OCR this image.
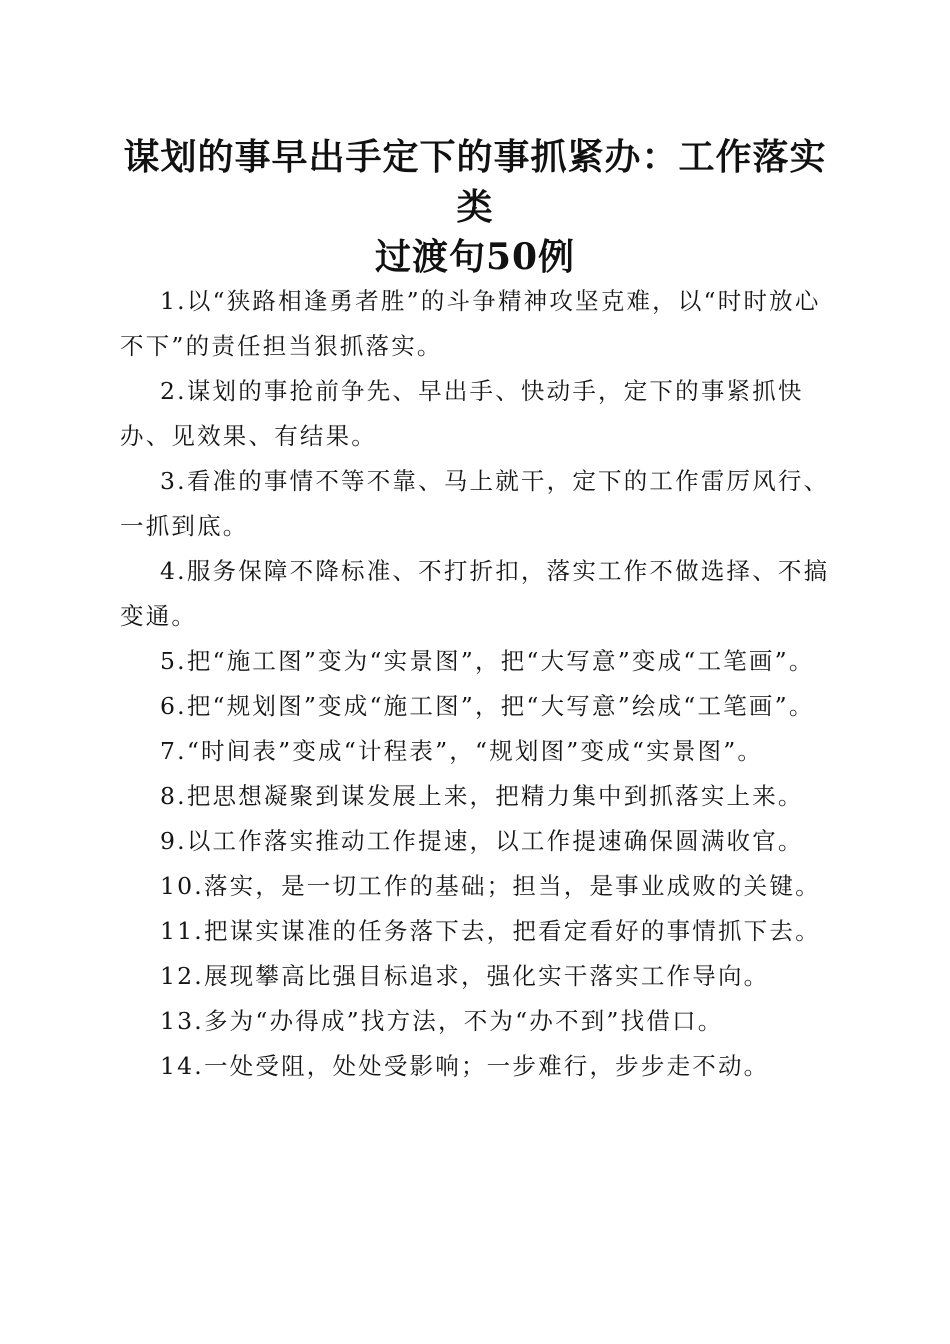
谋划的事早出手定下的事抓紧办：工作落实类
过渡句50例

1.以“狭路相逢勇者胜”的斗争精神攻坚克难，以“时时放心不下”的责任担当狠抓落实。

2.谋划的事抢前争先、早出手、快动手，定下的事紧抓快办、见效果、有结果。

3.看准的事情不等不靠、马上就干，定下的工作雷厉风行、一抓到底。

4.服务保障不降标准、不打折扣，落实工作不做选择、不搞变通。

5.把“施工图”变为“实景图”，把“大写意”变成“工笔画”。

6.把“规划图”变成“施工图”，把“大写意”绘成“工笔画”。

7.“时间表”变成“计程表”，“规划图”变成“实景图”。

8.把思想凝聚到谋发展上来，把精力集中到抓落实上来。

9.以工作落实推动工作提速，以工作提速确保圆满收官。

10.落实，是一切工作的基础；担当，是事业成败的关键。

11.把谋实谋准的任务落下去，把看定看好的事情抓下去。

12.展现攀高比强目标追求，强化实干落实工作导向。

13.多为“办得成”找方法，不为“办不到”找借口。

14.一处受阻，处处受影响；一步难行，步步走不动。
